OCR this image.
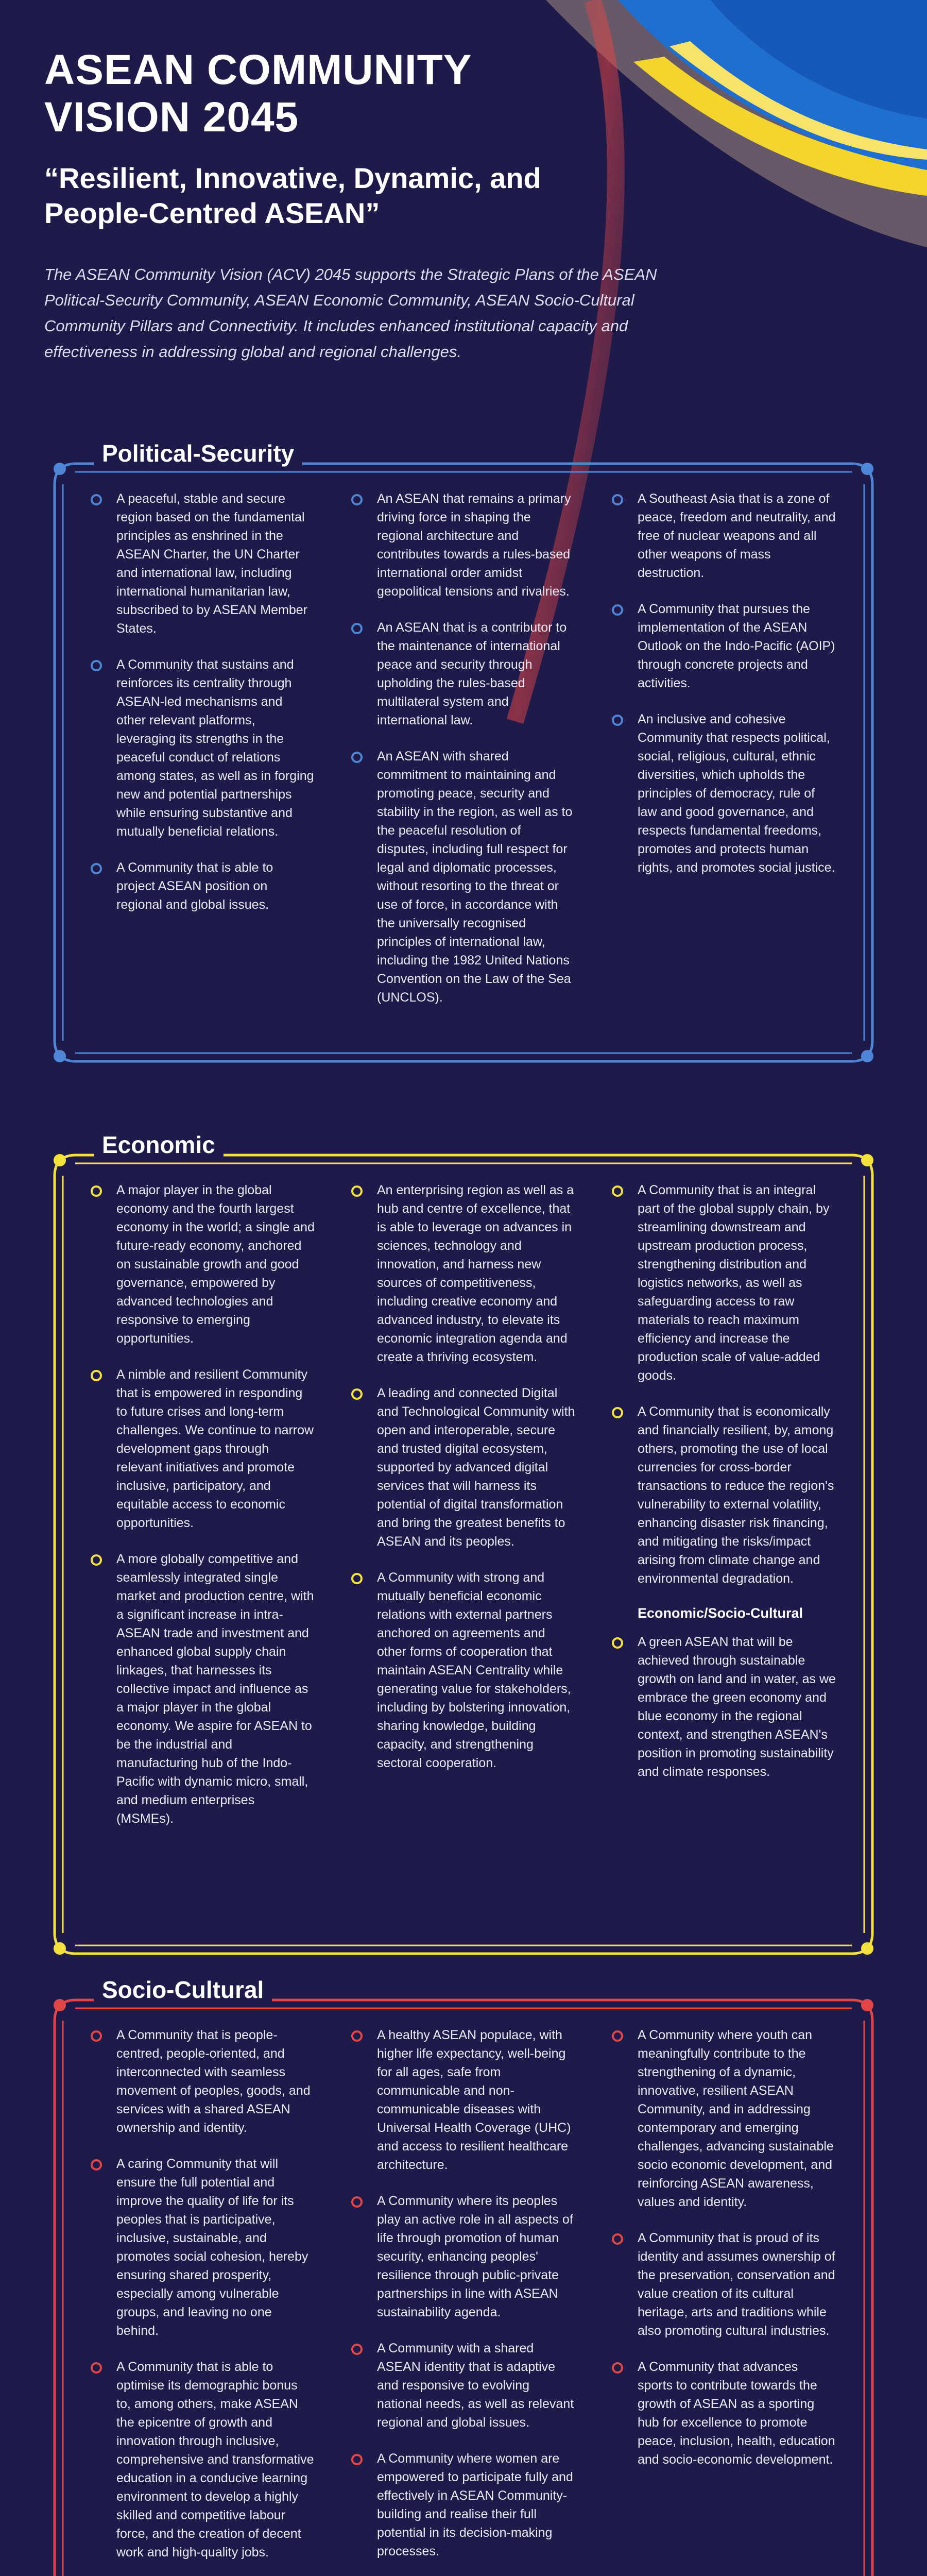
ASEAN COMMUNITY VISION 2045
“Resilient, Innovative, Dynamic, and People-Centred ASEAN”

The ASEAN Community Vision (ACV) 2045 supports the Strategic Plans of the ASEAN Political-Security Community, ASEAN Economic Community, ASEAN Socio-Cultural Community Pillars and Connectivity. It includes enhanced institutional capacity and effectiveness in addressing global and regional challenges.

Political-Security
A peaceful, stable and secure region based on the fundamental principles as enshrined in the ASEAN Charter, the UN Charter and international law, including international humanitarian law, subscribed to by ASEAN Member States.
A Community that sustains and reinforces its centrality through ASEAN-led mechanisms and other relevant platforms, leveraging its strengths in the peaceful conduct of relations among states, as well as in forging new and potential partnerships while ensuring substantive and mutually beneficial relations.
A Community that is able to project ASEAN position on regional and global issues.
An ASEAN that remains a primary driving force in shaping the regional architecture and contributes towards a rules-based international order amidst geopolitical tensions and rivalries.
An ASEAN that is a contributor to the maintenance of international peace and security through upholding the rules-based multilateral system and international law.
An ASEAN with shared commitment to maintaining and promoting peace, security and stability in the region, as well as to the peaceful resolution of disputes, including full respect for legal and diplomatic processes, without resorting to the threat or use of force, in accordance with the universally recognised principles of international law, including the 1982 United Nations Convention on the Law of the Sea (UNCLOS).
A Southeast Asia that is a zone of peace, freedom and neutrality, and free of nuclear weapons and all other weapons of mass destruction.
A Community that pursues the implementation of the ASEAN Outlook on the Indo-Pacific (AOIP) through concrete projects and activities.
An inclusive and cohesive Community that respects political, social, religious, cultural, ethnic diversities, which upholds the principles of democracy, rule of law and good governance, and respects fundamental freedoms, promotes and protects human rights, and promotes social justice.
Economic
A major player in the global economy and the fourth largest economy in the world; a single and future-ready economy, anchored on sustainable growth and good governance, empowered by advanced technologies and responsive to emerging opportunities.
A nimble and resilient Community that is empowered in responding to future crises and long-term challenges. We continue to narrow development gaps through relevant initiatives and promote inclusive, participatory, and equitable access to economic opportunities.
A more globally competitive and seamlessly integrated single market and production centre, with a significant increase in intra-ASEAN trade and investment and enhanced global supply chain linkages, that harnesses its collective impact and influence as a major player in the global economy. We aspire for ASEAN to be the industrial and manufacturing hub of the Indo-Pacific with dynamic micro, small, and medium enterprises (MSMEs).
An enterprising region as well as a hub and centre of excellence, that is able to leverage on advances in sciences, technology and innovation, and harness new sources of competitiveness, including creative economy and advanced industry, to elevate its economic integration agenda and create a thriving ecosystem.
A leading and connected Digital and Technological Community with open and interoperable, secure and trusted digital ecosystem, supported by advanced digital services that will harness its potential of digital transformation and bring the greatest benefits to ASEAN and its peoples.
A Community with strong and mutually beneficial economic relations with external partners anchored on agreements and other forms of cooperation that maintain ASEAN Centrality while generating value for stakeholders, including by bolstering innovation, sharing knowledge, building capacity, and strengthening sectoral cooperation.
A Community that is an integral part of the global supply chain, by streamlining downstream and upstream production process, strengthening distribution and logistics networks, as well as safeguarding access to raw materials to reach maximum efficiency and increase the production scale of value-added goods.
A Community that is economically and financially resilient, by, among others, promoting the use of local currencies for cross-border transactions to reduce the region's vulnerability to external volatility, enhancing disaster risk financing, and mitigating the risks/impact arising from climate change and environmental degradation.
Economic/Socio-Cultural
A green ASEAN that will be achieved through sustainable growth on land and in water, as we embrace the green economy and blue economy in the regional context, and strengthen ASEAN's position in promoting sustainability and climate responses.
Socio-Cultural
A Community that is people-centred, people-oriented, and interconnected with seamless movement of peoples, goods, and services with a shared ASEAN ownership and identity.
A caring Community that will ensure the full potential and improve the quality of life for its peoples that is participative, inclusive, sustainable, and promotes social cohesion, hereby ensuring shared prosperity, especially among vulnerable groups, and leaving no one behind.
A Community that is able to optimise its demographic bonus to, among others, make ASEAN the epicentre of growth and innovation through inclusive, comprehensive and transformative education in a conducive learning environment to develop a highly skilled and competitive labour force, and the creation of decent work and high-quality jobs.
A healthy ASEAN populace, with higher life expectancy, well-being for all ages, safe from communicable and non-communicable diseases with Universal Health Coverage (UHC) and access to resilient healthcare architecture.
A Community where its peoples play an active role in all aspects of life through promotion of human security, enhancing peoples' resilience through public-private partnerships in line with ASEAN sustainability agenda.
A Community with a shared ASEAN identity that is adaptive and responsive to evolving national needs, as well as relevant regional and global issues.
A Community where women are empowered to participate fully and effectively in ASEAN Community-building and realise their full potential in its decision-making processes.
A Community where youth can meaningfully contribute to the strengthening of a dynamic, innovative, resilient ASEAN Community, and in addressing contemporary and emerging challenges, advancing sustainable socio economic development, and reinforcing ASEAN awareness, values and identity.
A Community that is proud of its identity and assumes ownership of the preservation, conservation and value creation of its cultural heritage, arts and traditions while also promoting cultural industries.
A Community that advances sports to contribute towards the growth of ASEAN as a sporting hub for excellence to promote peace, inclusion, health, education and socio-economic development.
